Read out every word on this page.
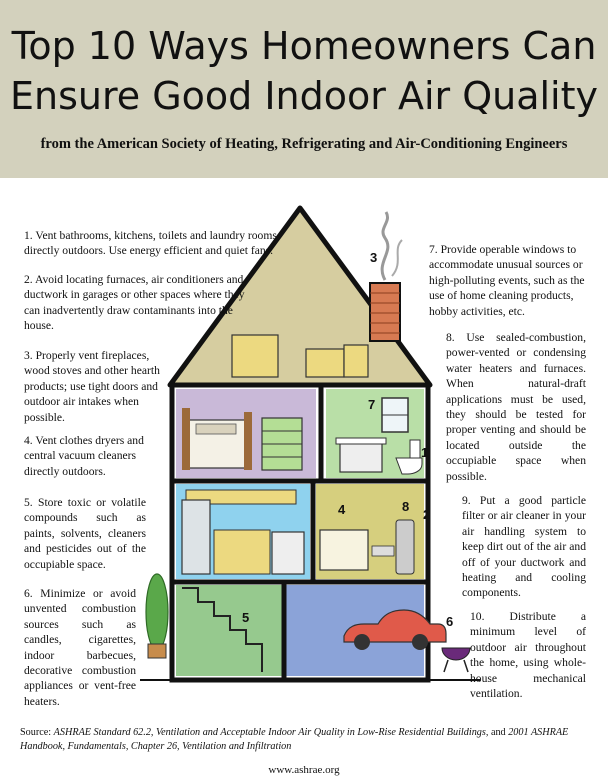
Top 10 Ways Homeowners Can
Ensure Good Indoor Air Quality
from the American Society of Heating, Refrigerating and Air-Conditioning Engineers
1
2
3
4
5	6
7
8
1. Vent bathrooms, kitchens, toilets and laundry rooms directly outdoors. Use energy efficient and quiet fans.
2. Avoid locating furnaces, air conditioners and ductwork in garages or other spaces where they can inadvertently draw contaminants into the house.
3. Properly vent fireplaces, wood stoves and other hearth products; use tight doors and outdoor air intakes when possible.
4. Vent clothes dryers and central vacuum cleaners directly outdoors.
5. Store toxic or volatile compounds such as paints, solvents, cleaners and pesticides out of the occupiable space.
6. Minimize or avoid unvented combustion sources such as candles, cigarettes, indoor barbecues, decorative combustion appliances or vent-free heaters.
7. Provide operable windows to accommodate unusual sources or high-polluting events, such as the use of home cleaning products, hobby activities, etc.
8. Use sealed-combustion, power-vented or condensing water heaters and furnaces. When natural-draft applications must be used, they should be tested for proper venting and should be located outside the occupiable space when possible.
9. Put a good particle filter or air cleaner in your air handling system to keep dirt out of the air and off of your ductwork and heating and cooling components.
10. Distribute a minimum level of outdoor air throughout the home, using whole-house mechanical ventilation.
Source: ASHRAE Standard 62.2, Ventilation and Acceptable Indoor Air Quality in Low-Rise Residential Buildings, and 2001 ASHRAE Handbook, Fundamentals, Chapter 26, Ventilation and Infiltration
www.ashrae.org
